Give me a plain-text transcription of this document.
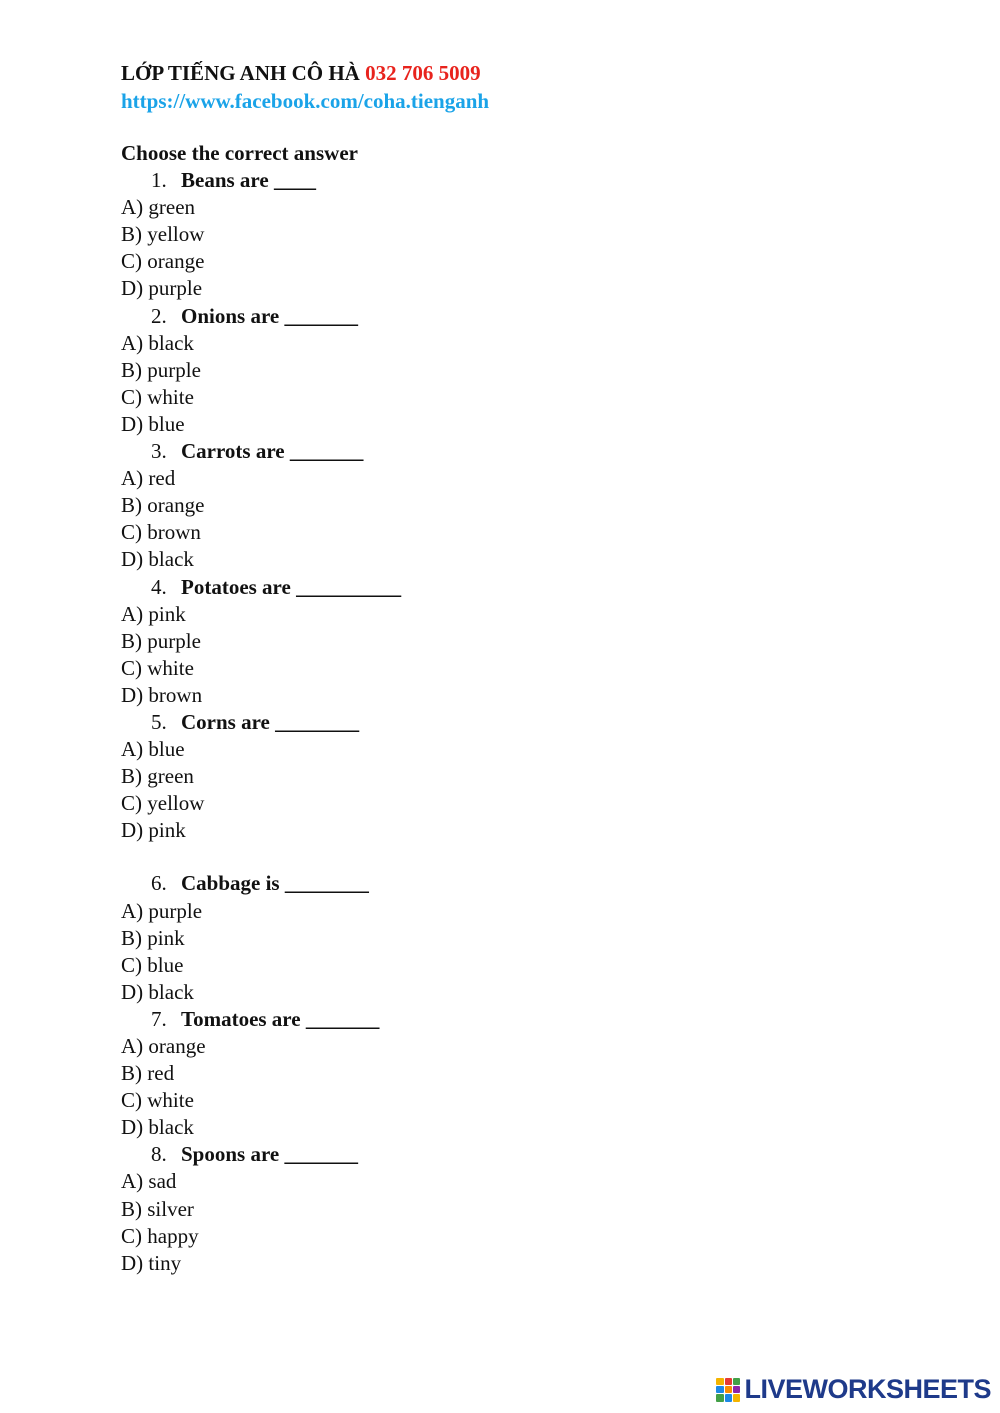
LỚP TIẾNG ANH CÔ HÀ 032 706 5009
https://www.facebook.com/coha.tienganh
Choose the correct answer
1. Beans are ____
A) green
B) yellow
C) orange
D) purple
2. Onions are _______
A) black
B) purple
C) white
D) blue
3. Carrots are _______
A) red
B) orange
C) brown
D) black
4. Potatoes are __________
A) pink
B) purple
C) white
D) brown
5. Corns are ________
A) blue
B) green
C) yellow
D) pink
6. Cabbage is ________
A) purple
B) pink
C) blue
D) black
7. Tomatoes are _______
A) orange
B) red
C) white
D) black
8. Spoons are _______
A) sad
B) silver
C) happy
D) tiny
LIVEWORKSHEETS
